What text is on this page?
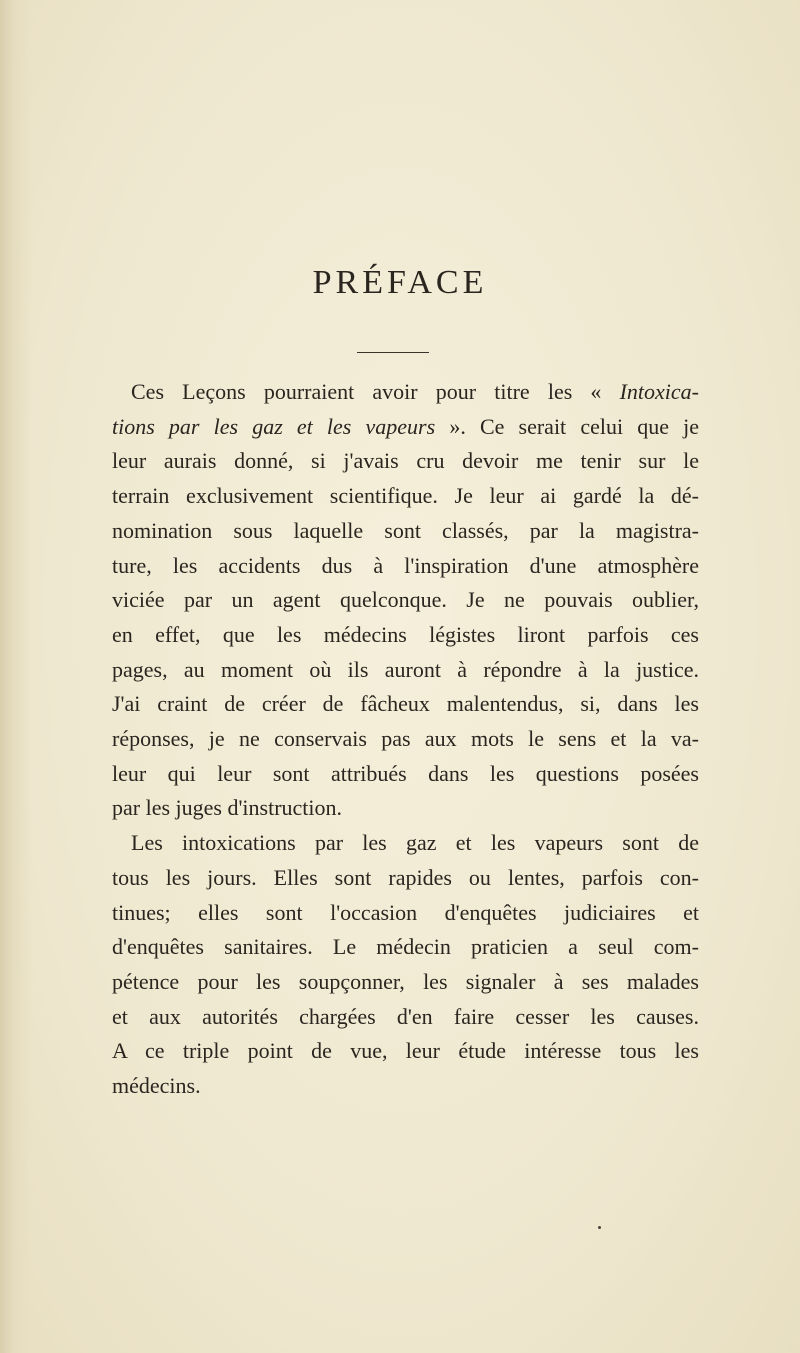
PRÉFACE
Ces Leçons pourraient avoir pour titre les « Intoxica-
tions par les gaz et les vapeurs ». Ce serait celui que je
leur aurais donné, si j'avais cru devoir me tenir sur le
terrain exclusivement scientifique. Je leur ai gardé la dé-
nomination sous laquelle sont classés, par la magistra-
ture, les accidents dus à l'inspiration d'une atmosphère
viciée par un agent quelconque. Je ne pouvais oublier,
en effet, que les médecins légistes liront parfois ces
pages, au moment où ils auront à répondre à la justice.
J'ai craint de créer de fâcheux malentendus, si, dans les
réponses, je ne conservais pas aux mots le sens et la va-
leur qui leur sont attribués dans les questions posées
par les juges d'instruction.
Les intoxications par les gaz et les vapeurs sont de
tous les jours. Elles sont rapides ou lentes, parfois con-
tinues; elles sont l'occasion d'enquêtes judiciaires et
d'enquêtes sanitaires. Le médecin praticien a seul com-
pétence pour les soupçonner, les signaler à ses malades
et aux autorités chargées d'en faire cesser les causes.
A ce triple point de vue, leur étude intéresse tous les
médecins.
